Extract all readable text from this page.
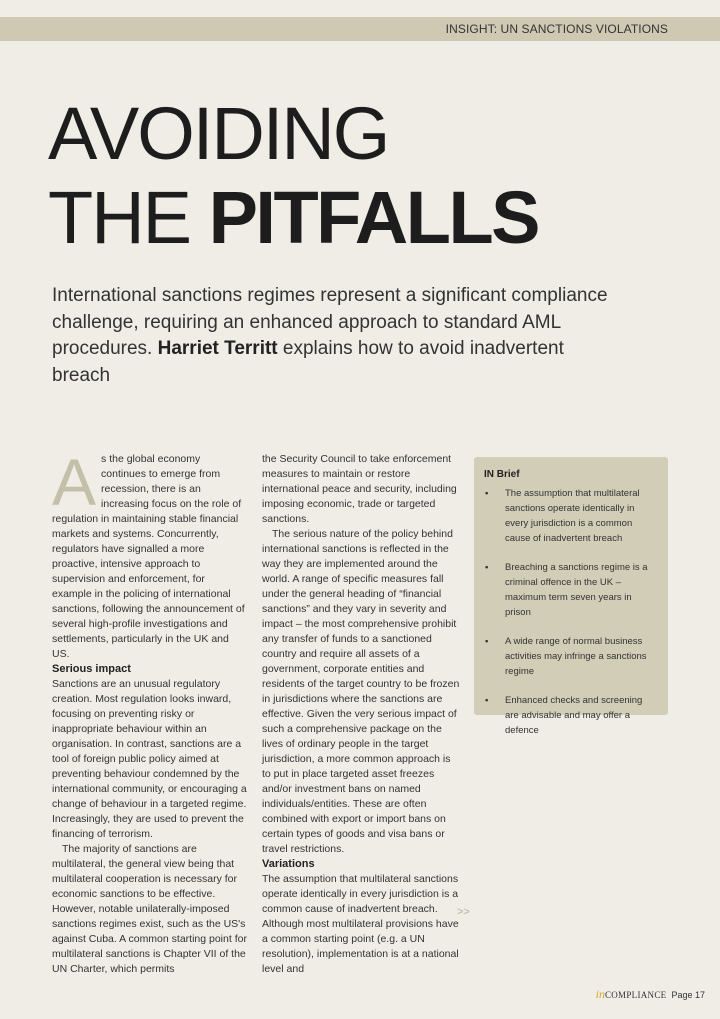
INSIGHT: UN SANCTIONS VIOLATIONS
AVOIDING
THE PITFALLS
International sanctions regimes represent a significant compliance challenge, requiring an enhanced approach to standard AML procedures. Harriet Territt explains how to avoid inadvertent breach

As the global economy continues to emerge from recession, there is an increasing focus on the role of regulation in maintaining stable financial markets and systems. Concurrently, regulators have signalled a more proactive, intensive approach to supervision and enforcement, for example in the policing of international sanctions, following the announcement of several high-profile investigations and settlements, particularly in the UK and US.

Serious impact

Sanctions are an unusual regulatory creation. Most regulation looks inward, focusing on preventing risky or inappropriate behaviour within an organisation. In contrast, sanctions are a tool of foreign public policy aimed at preventing behaviour condemned by the international community, or encouraging a change of behaviour in a targeted regime. Increasingly, they are used to prevent the financing of terrorism.

The majority of sanctions are multilateral, the general view being that multilateral cooperation is necessary for economic sanctions to be effective. However, notable unilaterally-imposed sanctions regimes exist, such as the US's against Cuba. A common starting point for multilateral sanctions is Chapter VII of the UN Charter, which permits

the Security Council to take enforcement measures to maintain or restore international peace and security, including imposing economic, trade or targeted sanctions.

The serious nature of the policy behind international sanctions is reflected in the way they are implemented around the world. A range of specific measures fall under the general heading of “financial sanctions” and they vary in severity and impact – the most comprehensive prohibit any transfer of funds to a sanctioned country and require all assets of a government, corporate entities and residents of the target country to be frozen in jurisdictions where the sanctions are effective. Given the very serious impact of such a comprehensive package on the lives of ordinary people in the target jurisdiction, a more common approach is to put in place targeted asset freezes and/or investment bans on named individuals/entities. These are often combined with export or import bans on certain types of goods and visa bans or travel restrictions.

Variations

The assumption that multilateral sanctions operate identically in every jurisdiction is a common cause of inadvertent breach. Although most multilateral provisions have a common starting point (e.g. a UN resolution), implementation is at a national level and

>>
IN Brief
• The assumption that multilateral sanctions operate identically in every jurisdiction is a common cause of inadvertent breach
• Breaching a sanctions regime is a criminal offence in the UK – maximum term seven years in prison
• A wide range of normal business activities may infringe a sanctions regime
• Enhanced checks and screening are advisable and may offer a defence
inCOMPLIANCE Page 17
